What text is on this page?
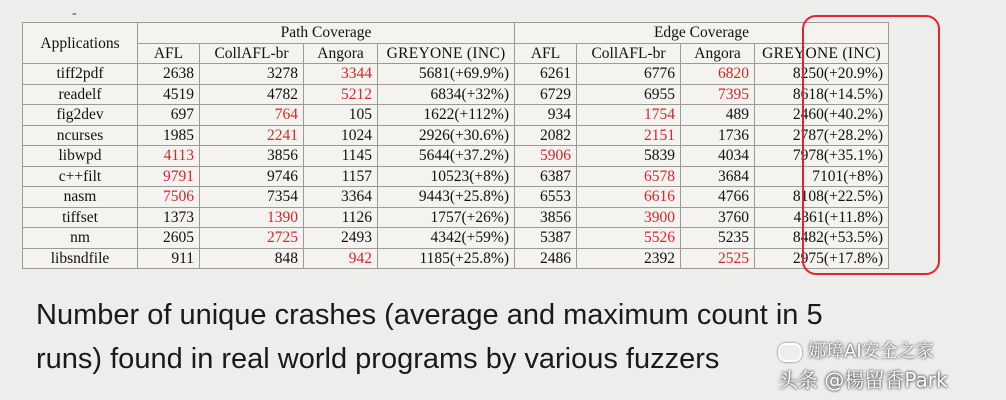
-
Applications	Path Coverage				Edge Coverage			
	AFL	CollAFL-br	Angora	GREYONE (INC)	AFL	CollAFL-br	Angora	GREYONE (INC)
tiff2pdf	2638	3278	3344	5681(+69.9%)	6261	6776	6820	8250(+20.9%)
readelf	4519	4782	5212	6834(+32%)	6729	6955	7395	8618(+14.5%)
fig2dev	697	764	105	1622(+112%)	934	1754	489	2460(+40.2%)
ncurses	1985	2241	1024	2926(+30.6%)	2082	2151	1736	2787(+28.2%)
libwpd	4113	3856	1145	5644(+37.2%)	5906	5839	4034	7978(+35.1%)
c++filt	9791	9746	1157	10523(+8%)	6387	6578	3684	7101(+8%)
nasm	7506	7354	3364	9443(+25.8%)	6553	6616	4766	8108(+22.5%)
tiffset	1373	1390	1126	1757(+26%)	3856	3900	3760	4361(+11.8%)
nm	2605	2725	2493	4342(+59%)	5387	5526	5235	8482(+53.5%)
libsndfile	911	848	942	1185(+25.8%)	2486	2392	2525	2975(+17.8%)
Number of unique crashes (average and maximum count in 5
runs) found in real world programs by various fuzzers	娜璋AI安全之家
头条 @楊留香Park
